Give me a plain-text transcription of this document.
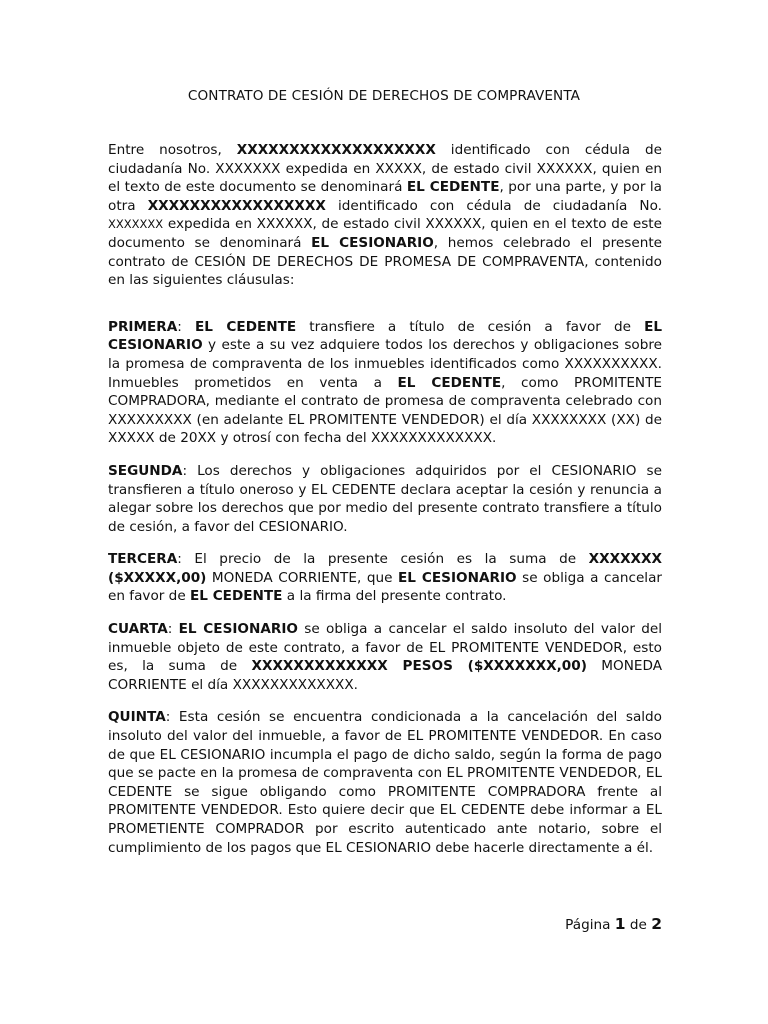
CONTRATO DE CESIÓN DE DERECHOS DE COMPRAVENTA

Entre nosotros, XXXXXXXXXXXXXXXXXXX identificado con cédula de ciudadanía No. XXXXXXX expedida en XXXXX, de estado civil XXXXXX, quien en el texto de este documento se denominará EL CEDENTE, por una parte, y por la otra XXXXXXXXXXXXXXXXX identificado con cédula de ciudadanía No. XXXXXXX expedida en XXXXXX, de estado civil XXXXXX, quien en el texto de este documento se denominará EL CESIONARIO, hemos celebrado el presente contrato de CESIÓN DE DERECHOS DE PROMESA DE COMPRAVENTA, contenido en las siguientes cláusulas:

PRIMERA: EL CEDENTE transfiere a título de cesión a favor de EL CESIONARIO y este a su vez adquiere todos los derechos y obligaciones sobre la promesa de compraventa de los inmuebles identificados como XXXXXXXXXX. Inmuebles prometidos en venta a EL CEDENTE, como PROMITENTE COMPRADORA, mediante el contrato de promesa de compraventa celebrado con XXXXXXXXX (en adelante EL PROMITENTE VENDEDOR) el día XXXXXXXX (XX) de XXXXX de 20XX y otrosí con fecha del XXXXXXXXXXXXX.

SEGUNDA: Los derechos y obligaciones adquiridos por el CESIONARIO se transfieren a título oneroso y EL CEDENTE declara aceptar la cesión y renuncia a alegar sobre los derechos que por medio del presente contrato transfiere a título de cesión, a favor del CESIONARIO.

TERCERA: El precio de la presente cesión es la suma de XXXXXXX ($XXXXX,00) MONEDA CORRIENTE, que EL CESIONARIO se obliga a cancelar en favor de EL CEDENTE a la firma del presente contrato.

CUARTA: EL CESIONARIO se obliga a cancelar el saldo insoluto del valor del inmueble objeto de este contrato, a favor de EL PROMITENTE VENDEDOR, esto es, la suma de XXXXXXXXXXXXX PESOS ($XXXXXXX,00) MONEDA CORRIENTE el día XXXXXXXXXXXXX.

QUINTA: Esta cesión se encuentra condicionada a la cancelación del saldo insoluto del valor del inmueble, a favor de EL PROMITENTE VENDEDOR. En caso de que EL CESIONARIO incumpla el pago de dicho saldo, según la forma de pago que se pacte en la promesa de compraventa con EL PROMITENTE VENDEDOR, EL CEDENTE se sigue obligando como PROMITENTE COMPRADORA frente al PROMITENTE VENDEDOR. Esto quiere decir que EL CEDENTE debe informar a EL PROMETIENTE COMPRADOR por escrito autenticado ante notario, sobre el cumplimiento de los pagos que EL CESIONARIO debe hacerle directamente a él.

Página 1 de 2
